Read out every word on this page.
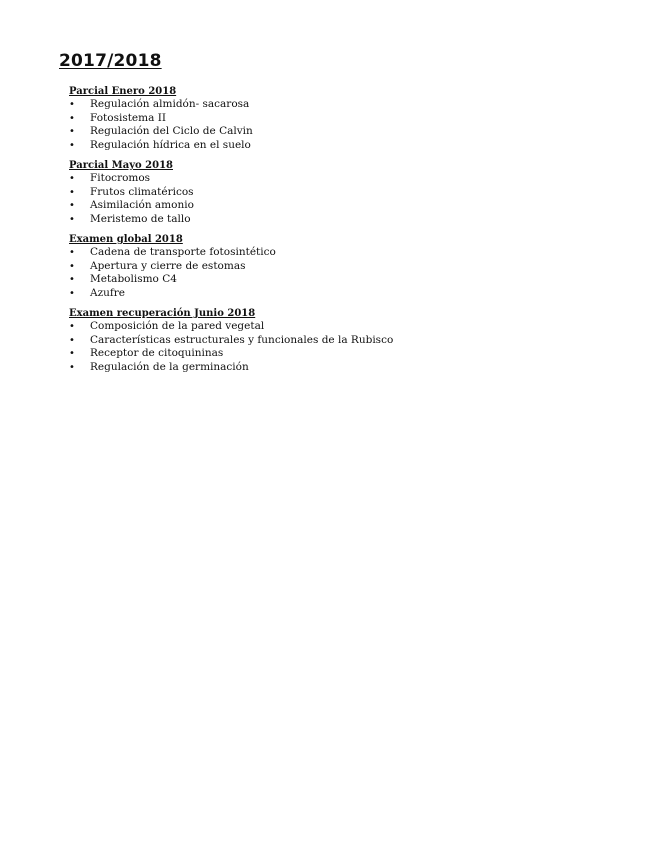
2017/2018
Parcial Enero 2018
• Regulación almidón- sacarosa
• Fotosistema II
• Regulación del Ciclo de Calvin
• Regulación hídrica en el suelo
Parcial Mayo 2018
• Fitocromos
• Frutos climatéricos
• Asimilación amonio
• Meristemo de tallo
Examen global 2018
• Cadena de transporte fotosintético
• Apertura y cierre de estomas
• Metabolismo C4
• Azufre
Examen recuperación Junio 2018
• Composición de la pared vegetal
• Características estructurales y funcionales de la Rubisco
• Receptor de citoquininas
• Regulación de la germinación
